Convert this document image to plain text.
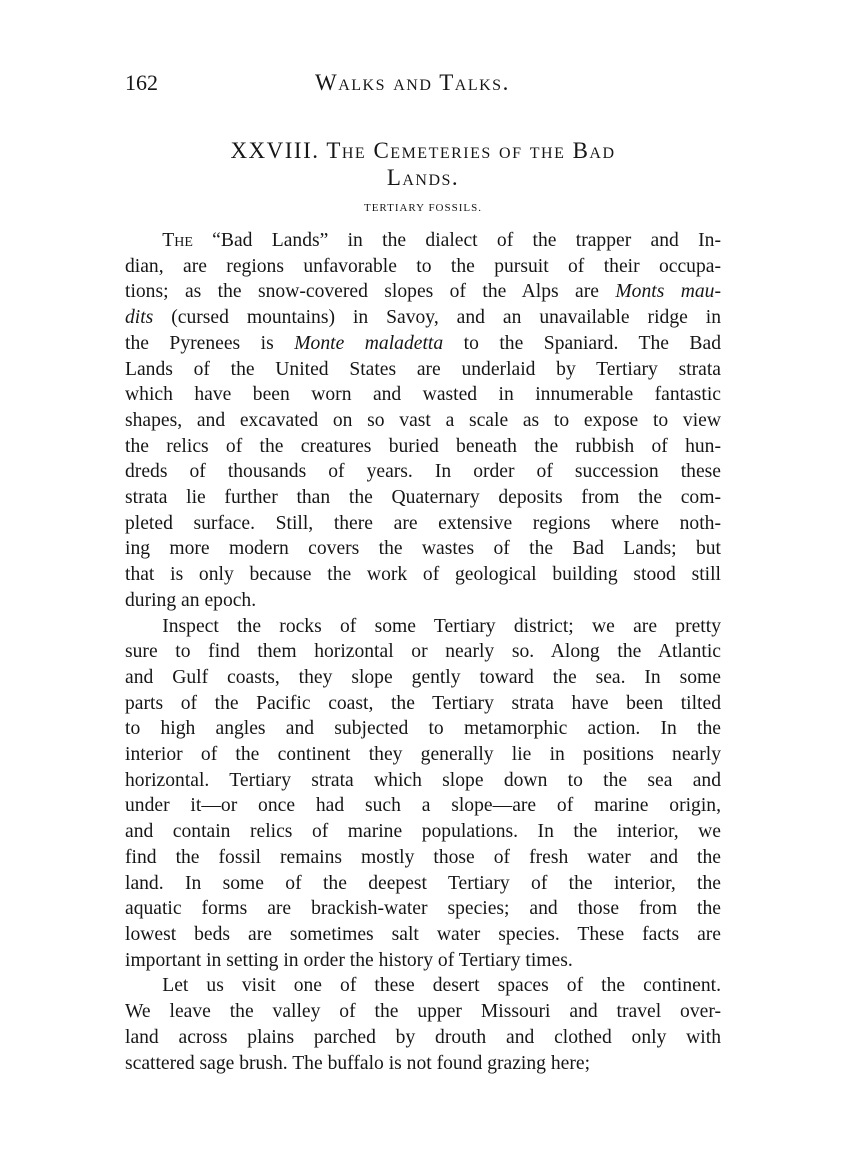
162	Walks and Talks.
XXVIII. The Cemeteries of the Bad
Lands.
TERTIARY FOSSILS.
The “Bad Lands” in the dialect of the trapper and In-
dian, are regions unfavorable to the pursuit of their occupa-
tions; as the snow-covered slopes of the Alps are Monts mau-
dits (cursed mountains) in Savoy, and an unavailable ridge in
the Pyrenees is Monte maladetta to the Spaniard. The Bad
Lands of the United States are underlaid by Tertiary strata
which have been worn and wasted in innumerable fantastic
shapes, and excavated on so vast a scale as to expose to view
the relics of the creatures buried beneath the rubbish of hun-
dreds of thousands of years. In order of succession these
strata lie further than the Quaternary deposits from the com-
pleted surface. Still, there are extensive regions where noth-
ing more modern covers the wastes of the Bad Lands; but
that is only because the work of geological building stood still
during an epoch.
Inspect the rocks of some Tertiary district; we are pretty
sure to find them horizontal or nearly so. Along the Atlantic
and Gulf coasts, they slope gently toward the sea. In some
parts of the Pacific coast, the Tertiary strata have been tilted
to high angles and subjected to metamorphic action. In the
interior of the continent they generally lie in positions nearly
horizontal. Tertiary strata which slope down to the sea and
under it—or once had such a slope—are of marine origin,
and contain relics of marine populations. In the interior, we
find the fossil remains mostly those of fresh water and the
land. In some of the deepest Tertiary of the interior, the
aquatic forms are brackish-water species; and those from the
lowest beds are sometimes salt water species. These facts are
important in setting in order the history of Tertiary times.
Let us visit one of these desert spaces of the continent.
We leave the valley of the upper Missouri and travel over-
land across plains parched by drouth and clothed only with
scattered sage brush. The buffalo is not found grazing here;
